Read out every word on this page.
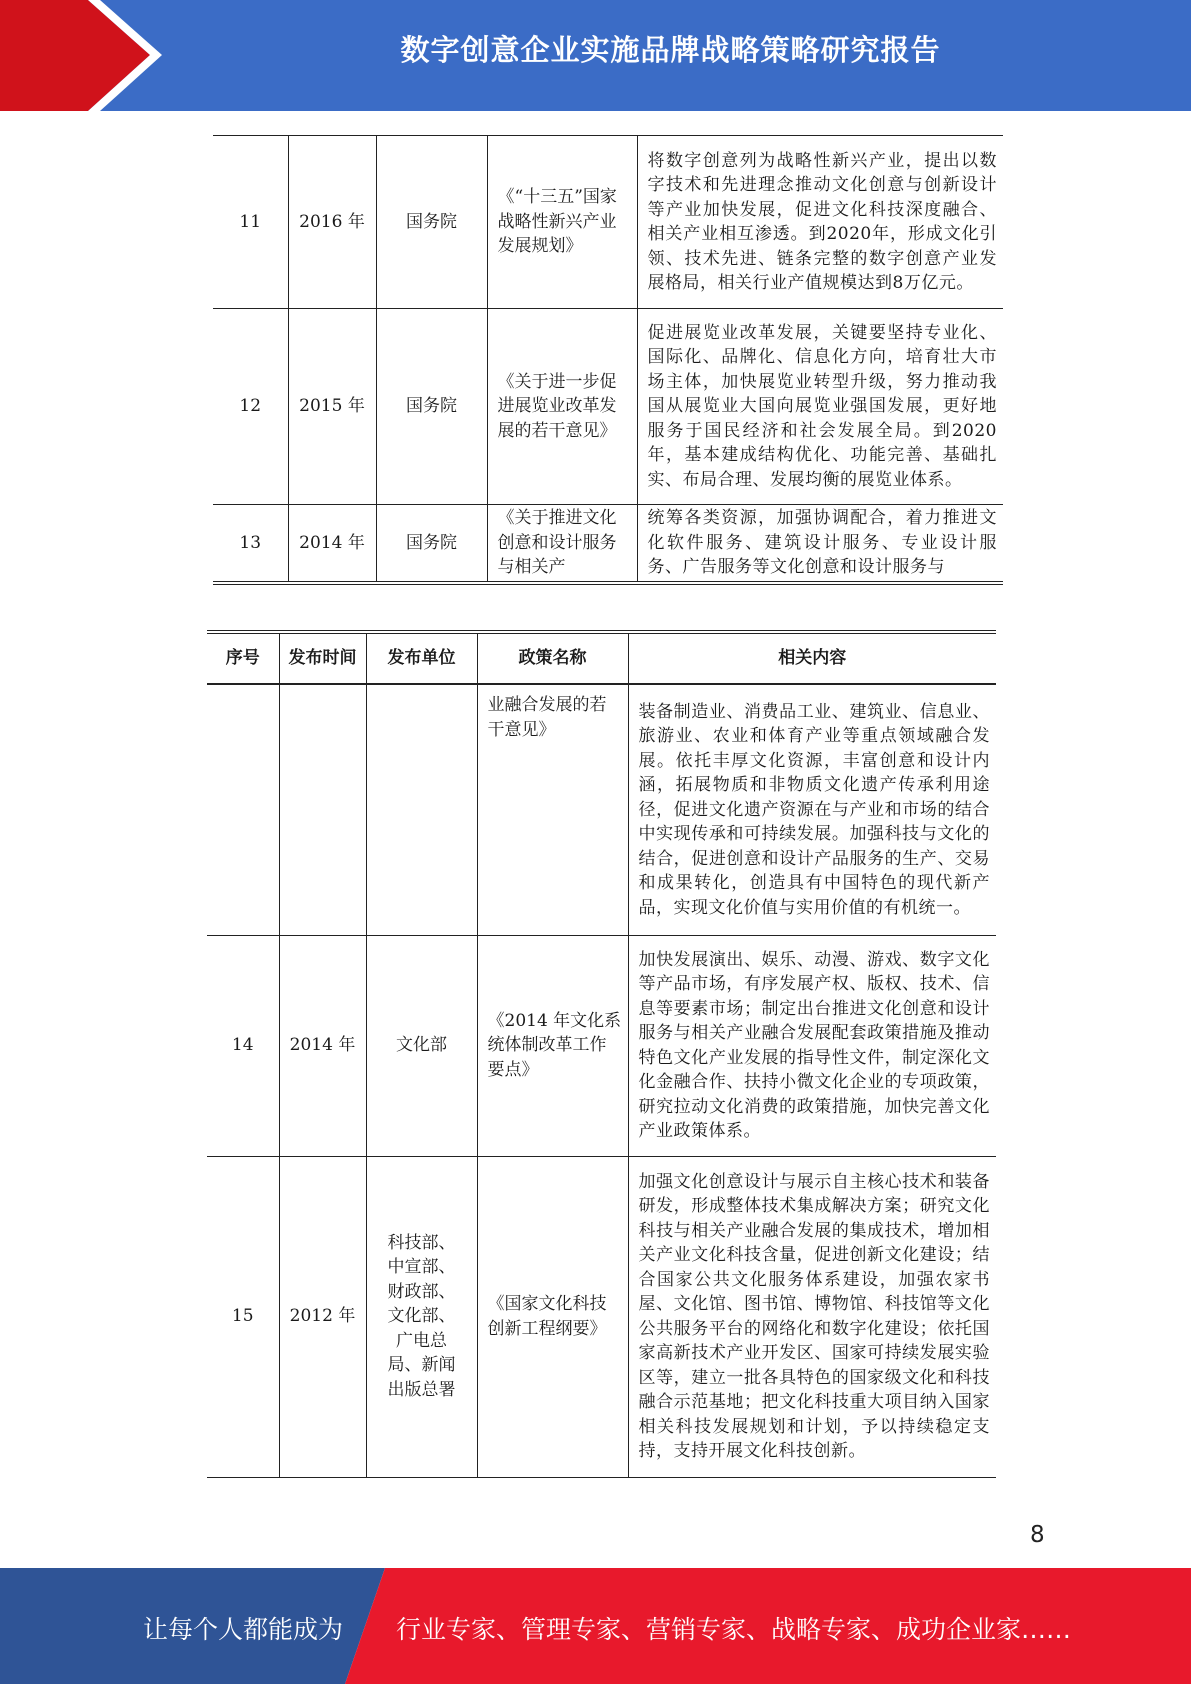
数字创意企业实施品牌战略策略研究报告
11	2016 年	国务院	《“十三五”国家战略性新兴产业发展规划》	将数字创意列为战略性新兴产业，提出以数字技术和先进理念推动文化创意与创新设计等产业加快发展，促进文化科技深度融合、相关产业相互渗透。到2020年，形成文化引领、技术先进、链条完整的数字创意产业发展格局，相关行业产值规模达到8万亿元。
12	2015 年	国务院	《关于进一步促进展览业改革发展的若干意见》	促进展览业改革发展，关键要坚持专业化、国际化、品牌化、信息化方向，培育壮大市场主体，加快展览业转型升级，努力推动我国从展览业大国向展览业强国发展，更好地服务于国民经济和社会发展全局。到2020年，基本建成结构优化、功能完善、基础扎实、布局合理、发展均衡的展览业体系。
13	2014 年	国务院	《关于推进文化创意和设计服务与相关产	统筹各类资源，加强协调配合，着力推进文化软件服务、建筑设计服务、专业设计服务、广告服务等文化创意和设计服务与
序号	发布时间	发布单位	政策名称	相关内容
			业融合发展的若干意见》	装备制造业、消费品工业、建筑业、信息业、旅游业、农业和体育产业等重点领域融合发展。依托丰厚文化资源，丰富创意和设计内涵，拓展物质和非物质文化遗产传承利用途径，促进文化遗产资源在与产业和市场的结合中实现传承和可持续发展。加强科技与文化的结合，促进创意和设计产品服务的生产、交易和成果转化，创造具有中国特色的现代新产品，实现文化价值与实用价值的有机统一。
14	2014 年	文化部	《2014 年文化系统体制改革工作要点》	加快发展演出、娱乐、动漫、游戏、数字文化等产品市场，有序发展产权、版权、技术、信息等要素市场；制定出台推进文化创意和设计服务与相关产业融合发展配套政策措施及推动特色文化产业发展的指导性文件，制定深化文化金融合作、扶持小微文化企业的专项政策，研究拉动文化消费的政策措施，加快完善文化产业政策体系。
15	2012 年	科技部、中宣部、财政部、文化部、广电总局、新闻出版总署	《国家文化科技创新工程纲要》	加强文化创意设计与展示自主核心技术和装备研发，形成整体技术集成解决方案；研究文化科技与相关产业融合发展的集成技术，增加相关产业文化科技含量，促进创新文化建设；结合国家公共文化服务体系建设，加强农家书屋、文化馆、图书馆、博物馆、科技馆等文化公共服务平台的网络化和数字化建设；依托国家高新技术产业开发区、国家可持续发展实验区等，建立一批各具特色的国家级文化和科技融合示范基地；把文化科技重大项目纳入国家相关科技发展规划和计划，予以持续稳定支持，支持开展文化科技创新。
8
让每个人都能成为 行业专家、管理专家、营销专家、战略专家、成功企业家……
